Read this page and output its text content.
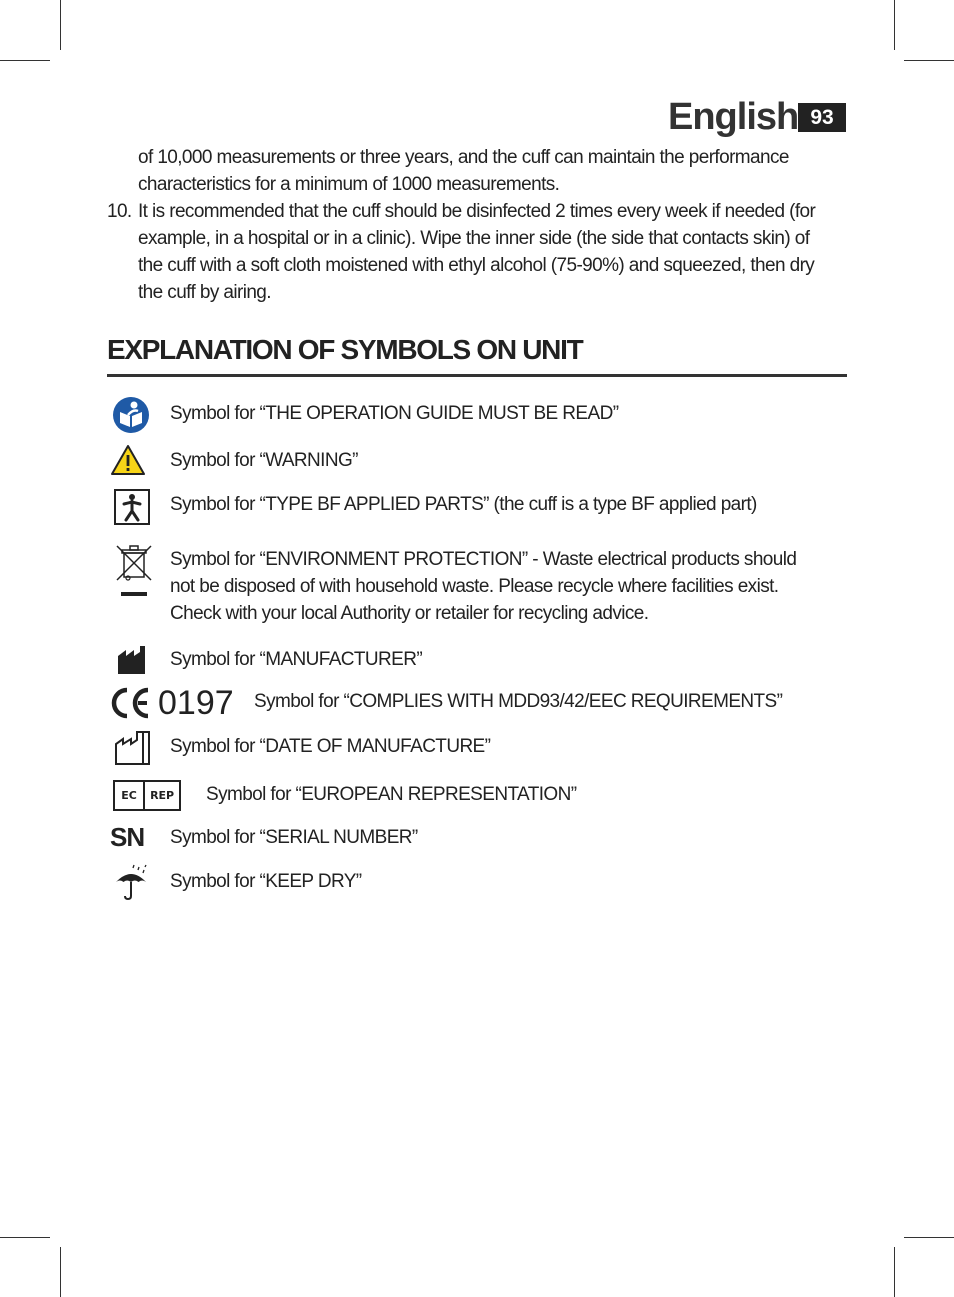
English 93
of 10,000 measurements or three years, and the cuff can maintain the performance
characteristics for a minimum of 1000 measurements.
10. It is recommended that the cuff should be disinfected 2 times every week if needed (for
example, in a hospital or in a clinic). Wipe the inner side (the side that contacts skin) of
the cuff with a soft cloth moistened with ethyl alcohol (75-90%) and squeezed, then dry
the cuff by airing.
EXPLANATION OF SYMBOLS ON UNIT
Symbol for “THE OPERATION GUIDE MUST BE READ”
Symbol for “WARNING”
Symbol for “TYPE BF APPLIED PARTS” (the cuff is a type BF applied part)
Symbol for “ENVIRONMENT PROTECTION” - Waste electrical products should
not be disposed of with household waste. Please recycle where facilities exist.
Check with your local Authority or retailer for recycling advice.
Symbol for “MANUFACTURER”
0197 Symbol for “COMPLIES WITH MDD93/42/EEC REQUIREMENTS”
Symbol for “DATE OF MANUFACTURE”
EC	REP Symbol for “EUROPEAN REPRESENTATION”
SN Symbol for “SERIAL NUMBER”
Symbol for “KEEP DRY”
